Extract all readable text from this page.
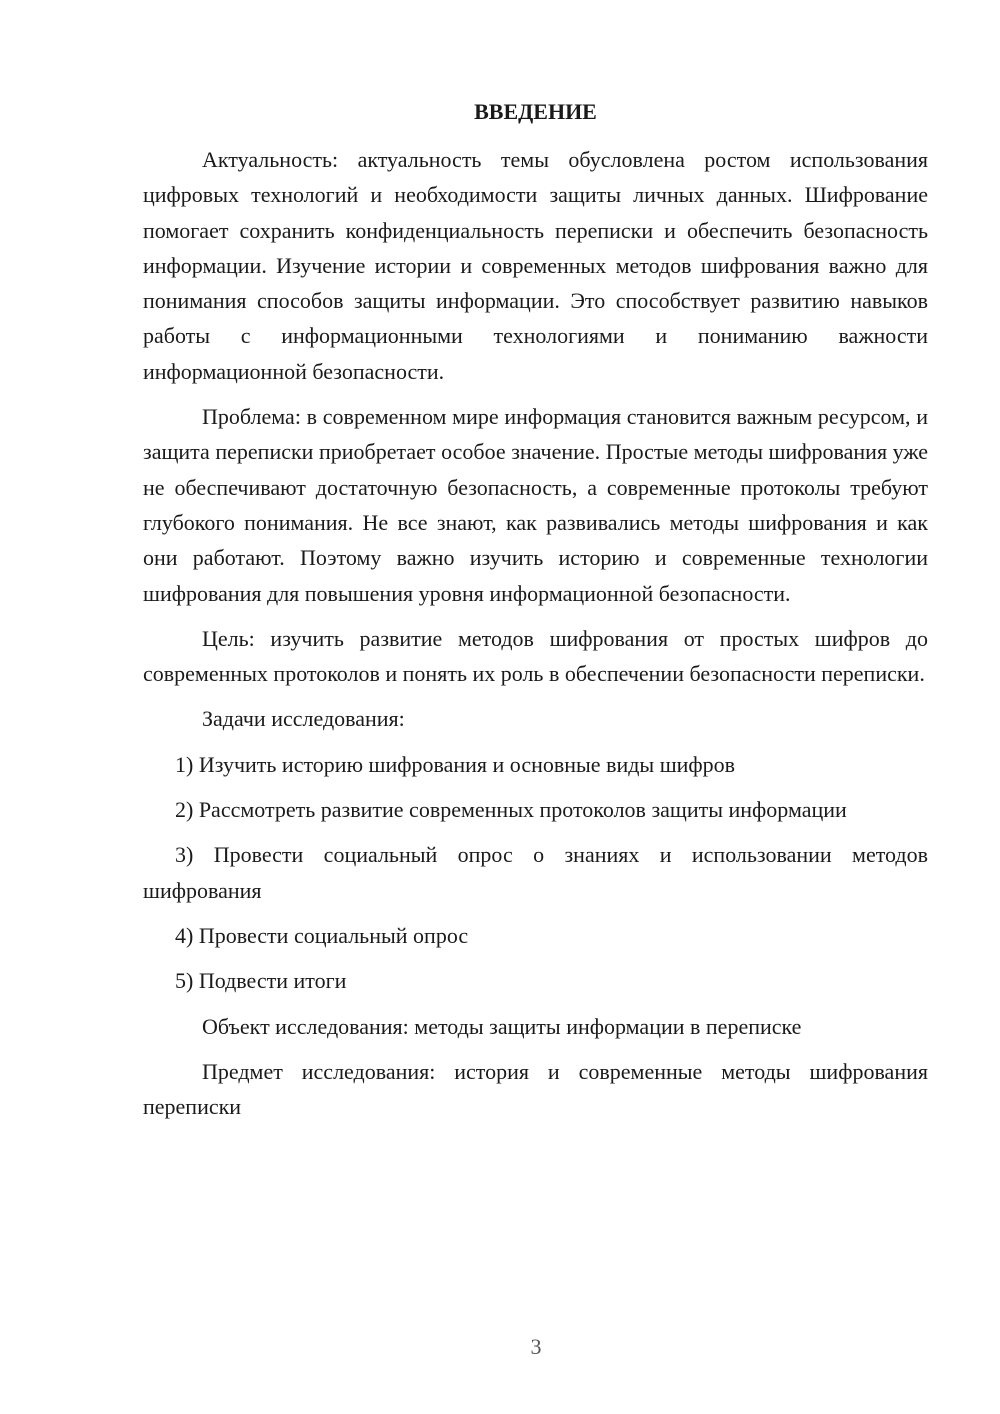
ВВЕДЕНИЕ

Актуальность: актуальность темы обусловлена ростом использования цифровых технологий и необходимости защиты личных данных. Шифрование помогает сохранить конфиденциальность переписки и обеспечить безопасность информации. Изучение истории и современных методов шифрования важно для понимания способов защиты информации. Это способствует развитию навыков работы с информационными технологиями и пониманию важности информационной безопасности.

Проблема: в современном мире информация становится важным ресурсом, и защита переписки приобретает особое значение. Простые методы шифрования уже не обеспечивают достаточную безопасность, а современные протоколы требуют глубокого понимания. Не все знают, как развивались методы шифрования и как они работают. Поэтому важно изучить историю и современные технологии шифрования для повышения уровня информационной безопасности.

Цель: изучить развитие методов шифрования от простых шифров до современных протоколов и понять их роль в обеспечении безопасности переписки.

Задачи исследования:

1) Изучить историю шифрования и основные виды шифров

2) Рассмотреть развитие современных протоколов защиты информации

3) Провести социальный опрос о знаниях и использовании методов шифрования

4) Провести социальный опрос

5) Подвести итоги

Объект исследования: методы защиты информации в переписке

Предмет исследования: история и современные методы шифрования переписки

3
